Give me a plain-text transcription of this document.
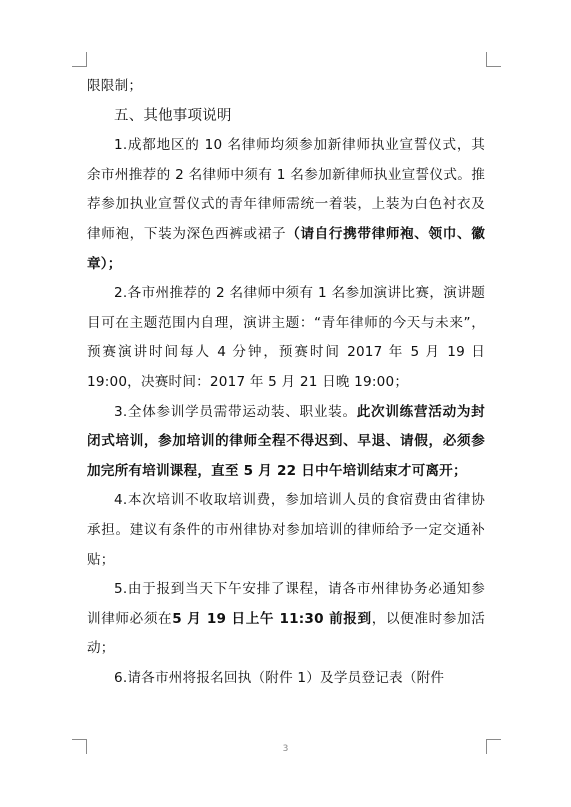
限限制；

五、其他事项说明

1.成都地区的 10 名律师均须参加新律师执业宣誓仪式，其余市州推荐的 2 名律师中须有 1 名参加新律师执业宣誓仪式。推荐参加执业宣誓仪式的青年律师需统一着装，上装为白色衬衣及律师袍，下装为深色西裤或裙子（请自行携带律师袍、领巾、徽章）；

2.各市州推荐的 2 名律师中须有 1 名参加演讲比赛，演讲题目可在主题范围内自理，演讲主题：“青年律师的今天与未来”，预赛演讲时间每人 4 分钟，预赛时间 2017 年 5 月 19 日 19:00，决赛时间：2017 年 5 月 21 日晚 19:00；

3.全体参训学员需带运动装、职业装。此次训练营活动为封闭式培训，参加培训的律师全程不得迟到、早退、请假，必须参加完所有培训课程，直至 5 月 22 日中午培训结束才可离开；

4.本次培训不收取培训费，参加培训人员的食宿费由省律协承担。建议有条件的市州律协对参加培训的律师给予一定交通补贴；

5.由于报到当天下午安排了课程，请各市州律协务必通知参训律师必须在5 月 19 日上午 11:30 前报到，以便准时参加活动；

6.请各市州将报名回执（附件 1）及学员登记表（附件

3
